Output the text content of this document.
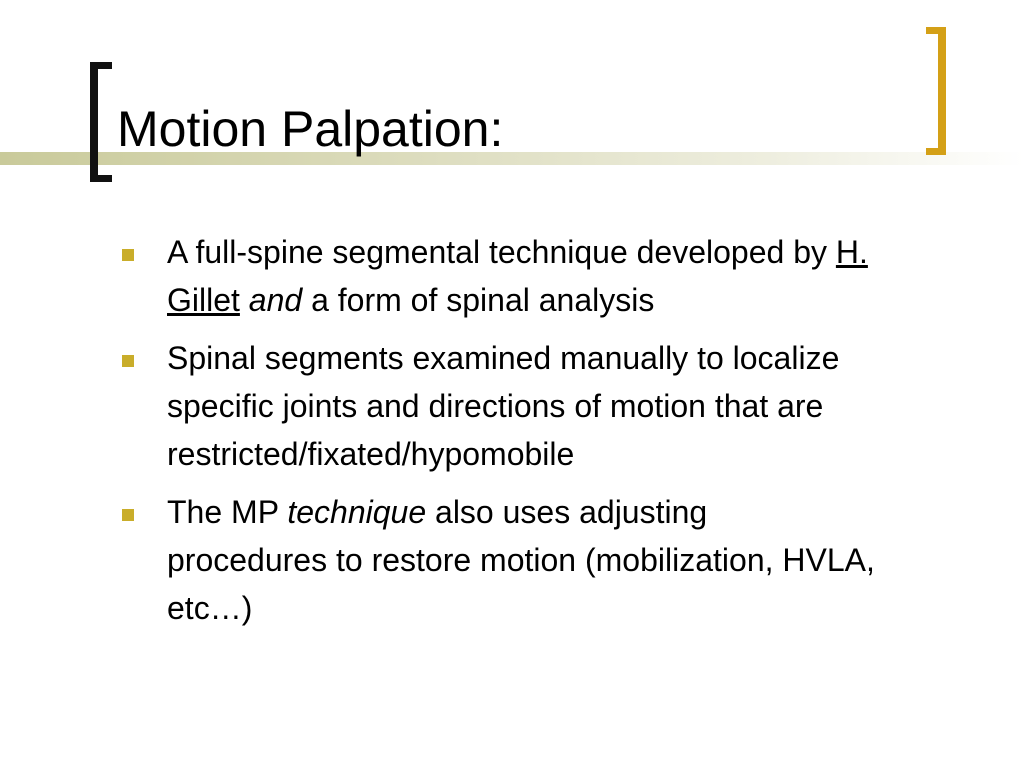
Motion Palpation:
A full-spine segmental technique developed by H. Gillet and a form of spinal analysis
Spinal segments examined manually to localize specific joints and directions of motion that are restricted/fixated/hypomobile
The MP technique also uses adjusting procedures to restore motion (mobilization, HVLA, etc…)
